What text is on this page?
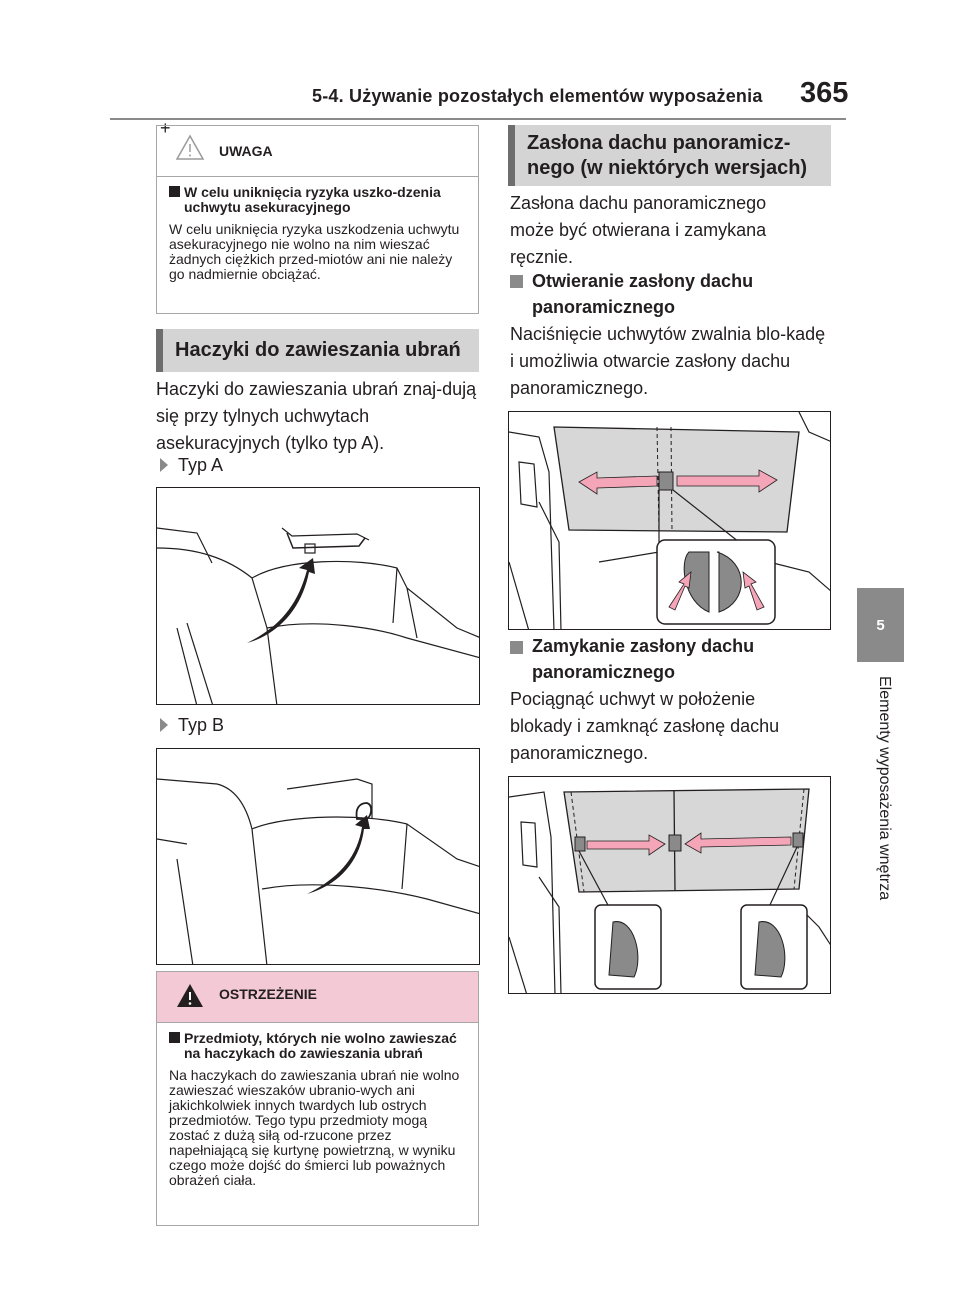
5-4. Używanie pozostałych elementów wyposażenia 365
5
Elementy wyposażenia wnętrza
+
UWAGA

W celu uniknięcia ryzyka uszko-dzenia uchwytu asekuracyjnego

W celu uniknięcia ryzyka uszkodzenia uchwytu asekuracyjnego nie wolno na nim wieszać żadnych ciężkich przed-miotów ani nie należy go nadmiernie obciążać.

Haczyki do zawieszania ubrań

Haczyki do zawieszania ubrań znaj-dują się przy tylnych uchwytach asekuracyjnych (tylko typ A).

Typ A
Typ B
OSTRZEŻENIE

Przedmioty, których nie wolno zawieszać na haczykach do zawieszania ubrań

Na haczykach do zawieszania ubrań nie wolno zawieszać wieszaków ubranio-wych ani jakichkolwiek innych twardych lub ostrych przedmiotów. Tego typu przedmioty mogą zostać z dużą siłą od-rzucone przez napełniającą się kurtynę powietrzną, w wyniku czego może dojść do śmierci lub poważnych obrażeń ciała.

Zasłona dachu panoramicz-nego (w niektórych wersjach)

Zasłona dachu panoramicznego może być otwierana i zamykana ręcznie.

Otwieranie zasłony dachu panoramicznego

Naciśnięcie uchwytów zwalnia blo-kadę i umożliwia otwarcie zasłony dachu panoramicznego.

Zamykanie zasłony dachu panoramicznego

Pociągnąć uchwyt w położenie blokady i zamknąć zasłonę dachu panoramicznego.
